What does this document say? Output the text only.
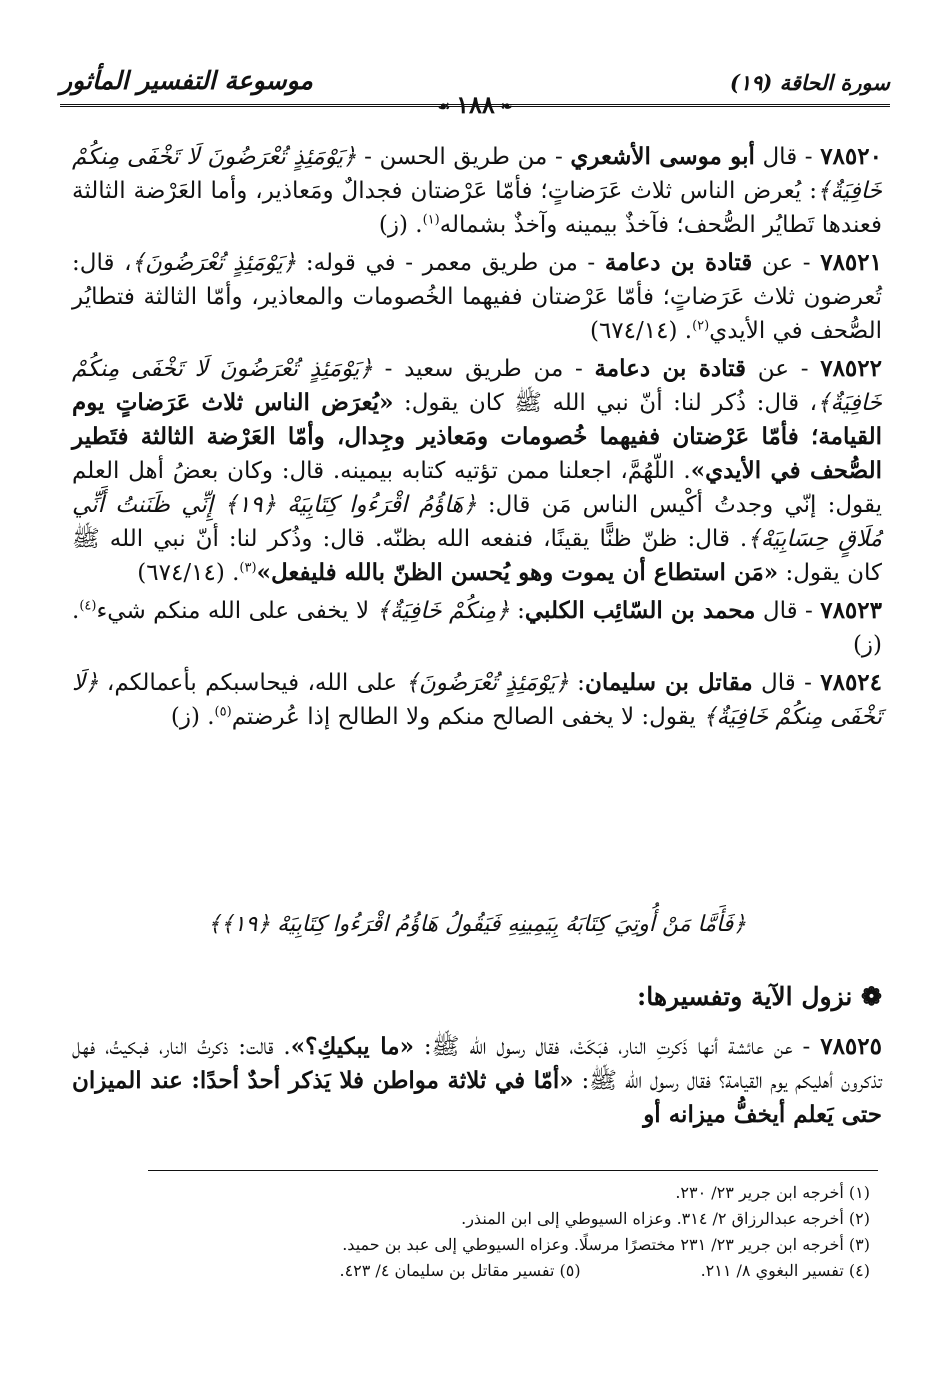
سورة الحاقة (١٩)
موسوعة التفسير المأثور
❧١٨٨☙

٧٨٥٢٠ - قال أبو موسى الأشعري - من طريق الحسن - ﴿يَوْمَئِذٍ تُعْرَضُونَ لَا تَخْفَى مِنكُمْ خَافِيَةٌ﴾: يُعرض الناس ثلاث عَرَضاتٍ؛ فأمّا عَرْضتان فجدالٌ ومَعاذير، وأما العَرْضة الثالثة فعندها تَطايُر الصُّحف؛ فآخذٌ بيمينه وآخذٌ بشماله$^{(١)}$. (ز)

٧٨٥٢١ - عن قتادة بن دعامة - من طريق معمر - في قوله: ﴿يَوْمَئِذٍ تُعْرَضُونَ﴾، قال: تُعرضون ثلاث عَرَضاتٍ؛ فأمّا عَرْضتان ففيهما الخُصومات والمعاذير، وأمّا الثالثة فتطايُر الصُّحف في الأيدي$^{(٢)}$. (٦٧٤/١٤)

٧٨٥٢٢ - عن قتادة بن دعامة - من طريق سعيد - ﴿يَوْمَئِذٍ تُعْرَضُونَ لَا تَخْفَى مِنكُمْ خَافِيَةٌ﴾، قال: ذُكر لنا: أنّ نبي الله ﷺ كان يقول: «يُعرَض الناس ثلاث عَرَضاتٍ يوم القيامة؛ فأمّا عَرْضتان ففيهما خُصومات ومَعاذير وجِدال، وأمّا العَرْضة الثالثة فتَطير الصُّحف في الأيدي». اللّهُمَّ، اجعلنا ممن تؤتيه كتابه بيمينه. قال: وكان بعضُ أهل العلم يقول: إنّي وجدتُ أكْيس الناس مَن قال: ﴿هَاؤُمُ اقْرَءُوا كِتَابِيَهْ ﴿١٩﴾ إِنِّي ظَنَنتُ أَنِّي مُلَاقٍ حِسَابِيَهْ﴾. قال: ظنّ ظنًّا يقينًا، فنفعه الله بظنّه. قال: وذُكر لنا: أنّ نبي الله ﷺ كان يقول: «مَن استطاع أن يموت وهو يُحسن الظنّ بالله فليفعل»$^{(٣)}$. (٦٧٤/١٤)

٧٨٥٢٣ - قال محمد بن السّائِب الكلبي: ﴿مِنكُمْ خَافِيَةٌ﴾ لا يخفى على الله منكم شيء$^{(٤)}$. (ز)

٧٨٥٢٤ - قال مقاتل بن سليمان: ﴿يَوْمَئِذٍ تُعْرَضُونَ﴾ على الله، فيحاسبكم بأعمالكم، ﴿لَا تَخْفَى مِنكُمْ خَافِيَةٌ﴾ يقول: لا يخفى الصالح منكم ولا الطالح إذا عُرضتم$^{(٥)}$. (ز)

﴿فَأَمَّا مَنْ أُوتِيَ كِتَابَهُ بِيَمِينِهِ فَيَقُولُ هَاؤُمُ اقْرَءُوا كِتَابِيَهْ ﴿١٩﴾﴾
❁ نزول الآية وتفسيرها:

٧٨٥٢٥ - عن عائشة أنها ذَكرتِ النار، فبَكَتْ، فقال رسول الله ﷺ: «ما يبكيكِ؟». قالت: ذكرتُ النار، فبكيتُ، فهل تذكرون أهليكم يوم القيامة؟ فقال رسول الله ﷺ: «أمّا في ثلاثة مواطن فلا يَذكر أحدٌ أحدًا: عند الميزان حتى يَعلم أيخفُّ ميزانه أو

(١) أخرجه ابن جرير ٢٣/ ٢٣٠.
(٢) أخرجه عبدالرزاق ٢/ ٣١٤. وعزاه السيوطي إلى ابن المنذر.
(٣) أخرجه ابن جرير ٢٣/ ٢٣١ مختصرًا مرسلًا. وعزاه السيوطي إلى عبد بن حميد.
(٤) تفسير البغوي ٨/ ٢١١.
(٥) تفسير مقاتل بن سليمان ٤/ ٤٢٣.
